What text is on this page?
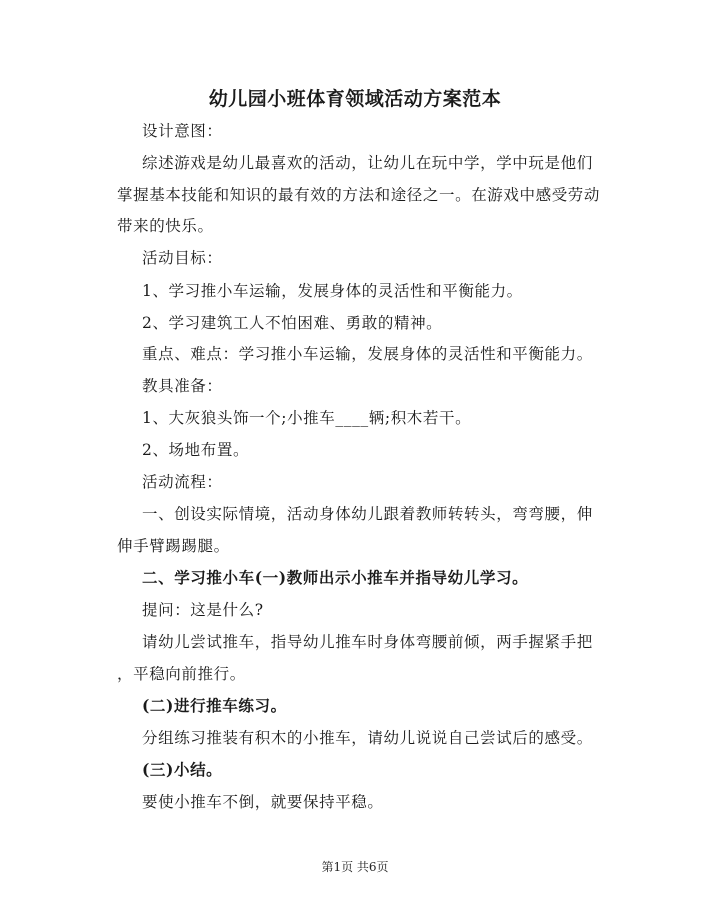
幼儿园小班体育领域活动方案范本
设计意图：
综述游戏是幼儿最喜欢的活动，让幼儿在玩中学，学中玩是他们
掌握基本技能和知识的最有效的方法和途径之一。在游戏中感受劳动
带来的快乐。
活动目标：
1、学习推小车运输，发展身体的灵活性和平衡能力。
2、学习建筑工人不怕困难、勇敢的精神。
重点、难点：学习推小车运输，发展身体的灵活性和平衡能力。
教具准备：
1、大灰狼头饰一个;小推车____辆;积木若干。
2、场地布置。
活动流程：
一、创设实际情境，活动身体幼儿跟着教师转转头，弯弯腰，伸
伸手臂踢踢腿。
二、学习推小车(一)教师出示小推车并指导幼儿学习。
提问：这是什么?
请幼儿尝试推车，指导幼儿推车时身体弯腰前倾，两手握紧手把
，平稳向前推行。
(二)进行推车练习。
分组练习推装有积木的小推车，请幼儿说说自己尝试后的感受。
(三)小结。
要使小推车不倒，就要保持平稳。
第1页 共6页
